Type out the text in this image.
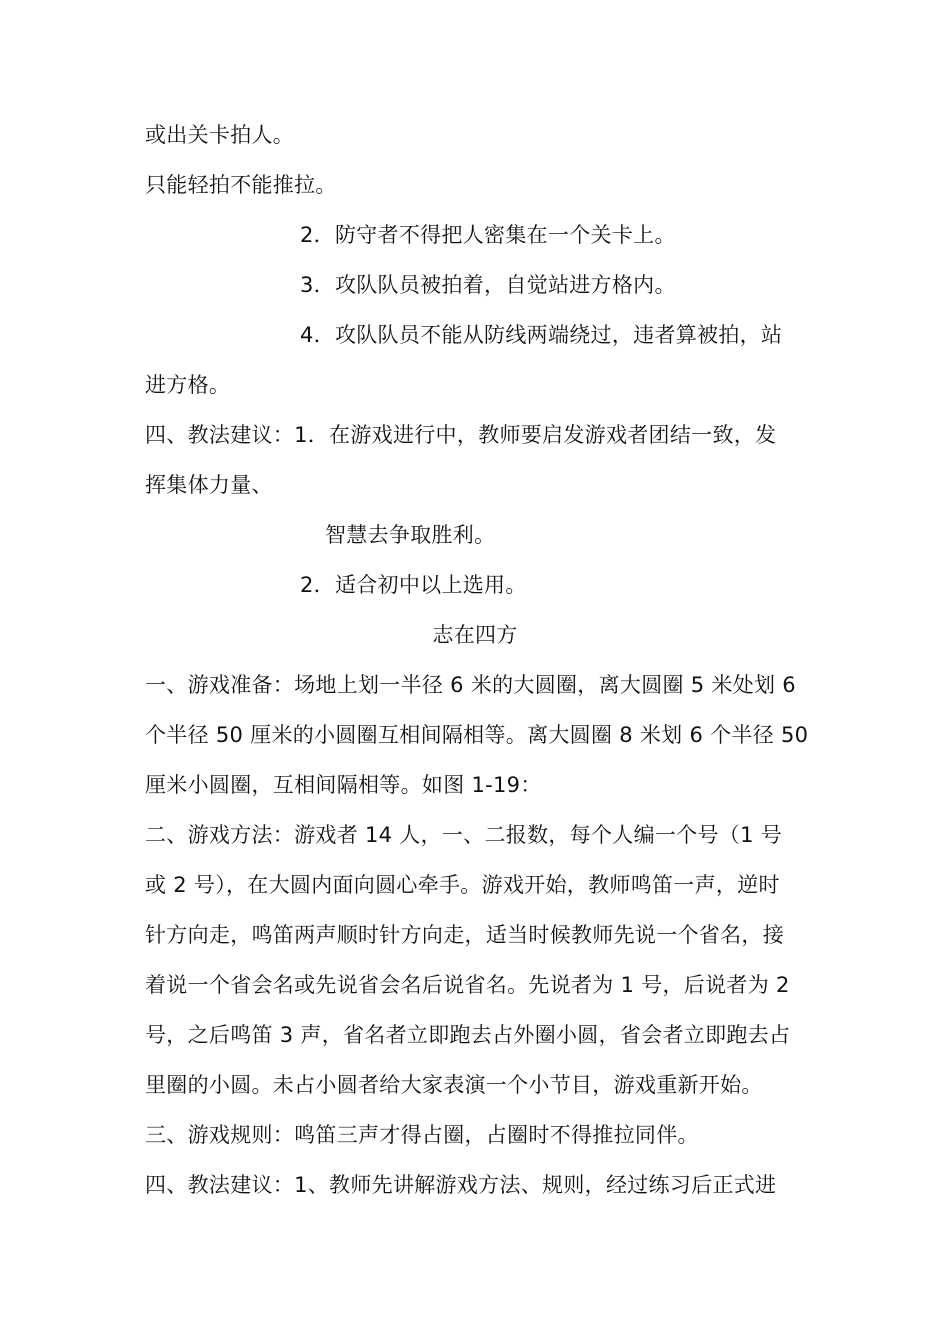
或出关卡拍人。
只能轻拍不能推拉。
2．防守者不得把人密集在一个关卡上。
3．攻队队员被拍着，自觉站进方格内。
4．攻队队员不能从防线两端绕过，违者算被拍，站
进方格。
四、教法建议：1．在游戏进行中，教师要启发游戏者团结一致，发
挥集体力量、
智慧去争取胜利。
2．适合初中以上选用。
志在四方
一、游戏准备：场地上划一半径 6 米的大圆圈，离大圆圈 5 米处划 6
个半径 50 厘米的小圆圈互相间隔相等。离大圆圈 8 米划 6 个半径 50
厘米小圆圈，互相间隔相等。如图 1-19：
二、游戏方法：游戏者 14 人，一、二报数，每个人编一个号（1 号
或 2 号），在大圆内面向圆心牵手。游戏开始，教师鸣笛一声，逆时
针方向走，鸣笛两声顺时针方向走，适当时候教师先说一个省名，接
着说一个省会名或先说省会名后说省名。先说者为 1 号，后说者为 2
号，之后鸣笛 3 声，省名者立即跑去占外圈小圆，省会者立即跑去占
里圈的小圆。未占小圆者给大家表演一个小节目，游戏重新开始。
三、游戏规则：鸣笛三声才得占圈，占圈时不得推拉同伴。
四、教法建议：1、教师先讲解游戏方法、规则，经过练习后正式进
